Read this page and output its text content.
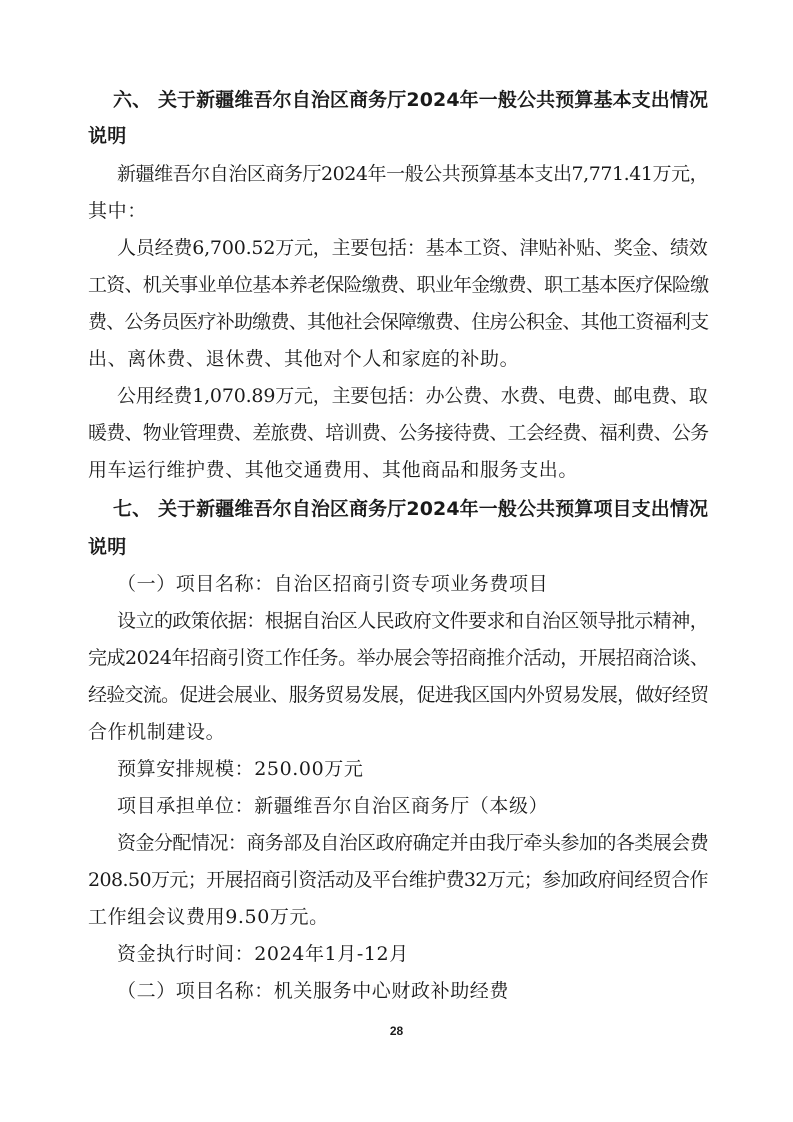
六、 关于新疆维吾尔自治区商务厅2024年一般公共预算基本支出情况
说明
新疆维吾尔自治区商务厅2024年一般公共预算基本支出7,771.41万元，
其中：
人员经费6,700.52万元，主要包括：基本工资、津贴补贴、奖金、绩效
工资、机关事业单位基本养老保险缴费、职业年金缴费、职工基本医疗保险缴
费、公务员医疗补助缴费、其他社会保障缴费、住房公积金、其他工资福利支
出、离休费、退休费、其他对个人和家庭的补助。
公用经费1,070.89万元，主要包括：办公费、水费、电费、邮电费、取
暖费、物业管理费、差旅费、培训费、公务接待费、工会经费、福利费、公务
用车运行维护费、其他交通费用、其他商品和服务支出。
七、 关于新疆维吾尔自治区商务厅2024年一般公共预算项目支出情况
说明
（一）项目名称：自治区招商引资专项业务费项目
设立的政策依据：根据自治区人民政府文件要求和自治区领导批示精神，
完成2024年招商引资工作任务。举办展会等招商推介活动，开展招商洽谈、
经验交流。促进会展业、服务贸易发展，促进我区国内外贸易发展，做好经贸
合作机制建设。
预算安排规模：250.00万元
项目承担单位：新疆维吾尔自治区商务厅（本级）
资金分配情况：商务部及自治区政府确定并由我厅牵头参加的各类展会费
208.50万元；开展招商引资活动及平台维护费32万元；参加政府间经贸合作
工作组会议费用9.50万元。
资金执行时间：2024年1月-12月
（二）项目名称：机关服务中心财政补助经费
28
